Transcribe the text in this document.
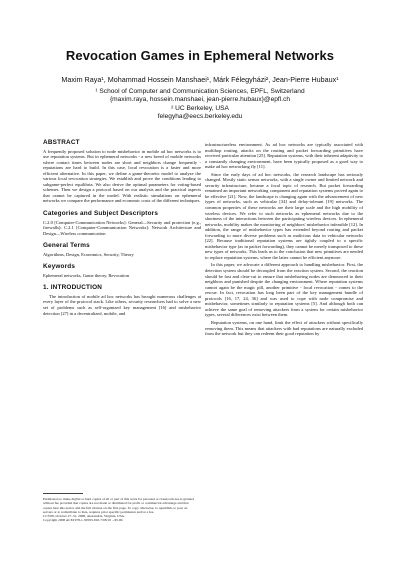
Revocation Games in Ephemeral Networks
Maxim Raya¹, Mohammad Hossein Manshaei¹, Márk Félegyházi², Jean-Pierre Hubaux¹
¹ School of Computer and Communication Sciences, EPFL, Switzerland
{maxim.raya, hossein.manshaei, jean-pierre.hubaux}@epfl.ch
² UC Berkeley, USA
felegyha@eecs.berkeley.edu
ABSTRACT

A frequently proposed solution to node misbehavior in mobile ad hoc networks is to use reputation systems. But in ephemeral networks - a new breed of mobile networks where contact times between nodes are short and neighbors change frequently - reputations are hard to build. In this case, local revocation is a faster and more efficient alternative. In this paper, we define a game-theoretic model to analyze the various local revocation strategies. We establish and prove the conditions leading to subgame-perfect equilibria. We also derive the optimal parameters for voting-based schemes. Then we design a protocol based on our analysis and the practical aspects that cannot be captured in the model. With realistic simulations on ephemeral networks we compare the performance and economic costs of the different techniques.

Categories and Subject Descriptors

C.2.0 [Computer-Communication Networks]: General—Security and protection (e.g., firewalls); C.2.1 [Computer-Communication Networks]: Network Architecture and Design—Wireless communication

General Terms

Algorithms, Design, Economics, Security, Theory

Keywords

Ephemeral networks, Game theory, Revocation

1. INTRODUCTION

The introduction of mobile ad hoc networks has brought numerous challenges at every layer of the protocol stack. Like others, security researchers had to solve a new set of problems such as self-organized key management [16] and misbehavior detection [27] in a decentralized, mobile, and

Permission to make digital or hard copies of all or part of this work for personal or classroom use is granted without fee provided that copies are not made or distributed for profit or commercial advantage and that copies bear this notice and the full citation on the first page. To copy otherwise, to republish, to post on servers or to redistribute to lists, requires prior specific permission and/or a fee.
CCS'08, October 27–31, 2008, Alexandria, Virginia, USA.
Copyright 2008 ACM 978-1-59593-810-7/08/10 ...$5.00.

infrastructureless environment. As ad hoc networks are typically associated with multihop routing, attacks on the routing and packet forwarding primitives have received particular attention [25]. Reputation systems, with their inherent adaptivity to a constantly changing environment, have been typically proposed as a good way to make ad hoc networking fly [11].

Since the early days of ad hoc networks, the research landscape has seriously changed. Mostly static sensor networks, with a single owner and limited network and security infrastructure, became a focal topic of research. But packet forwarding remained an important networking component and reputation systems proved again to be effective [21]. Now, the landscape is changing again with the advancement of new types of networks, such as vehicular [34] and delay-tolerant [19] networks. The common properties of these networks are their large scale and the high mobility of wireless devices. We refer to such networks as ephemeral networks due to the shortness of the interactions between the participating wireless devices. In ephemeral networks, mobility makes the monitoring of neighbors' misbehavior infeasible [12]. In addition, the range of misbehavior types has extended beyond routing and packet forwarding to more diverse problems such as malicious data in vehicular networks [22]. Because traditional reputation systems are tightly coupled to a specific misbehavior type (as in packet forwarding), they cannot be merely transposed to these new types of networks. This leads us to the conclusion that new primitives are needed to replace reputation systems, where the latter cannot be efficient anymore.

In this paper, we advocate a different approach to handling misbehavior. First, the detection system should be decoupled from the reaction system. Second, the reaction should be fast and clear-cut to ensure that misbehaving nodes are denounced to their neighbors and punished despite the changing environment. Where reputation systems cannot again be the magic pill, another primitive - local revocation - comes to the rescue. In fact, revocation has long been part of the key management bundle of protocols [16, 17, 24, 36] and was used to cope with node compromise and misbehavior, sometimes similarly to reputation systems [5]. And although both can achieve the same goal of removing attackers from a system for certain misbehavior types, several differences exist between them.

Reputation systems, on one hand, limit the effect of attackers without specifically removing them. This means that attackers with bad reputations are naturally excluded from the network but they can redeem their good reputation by
